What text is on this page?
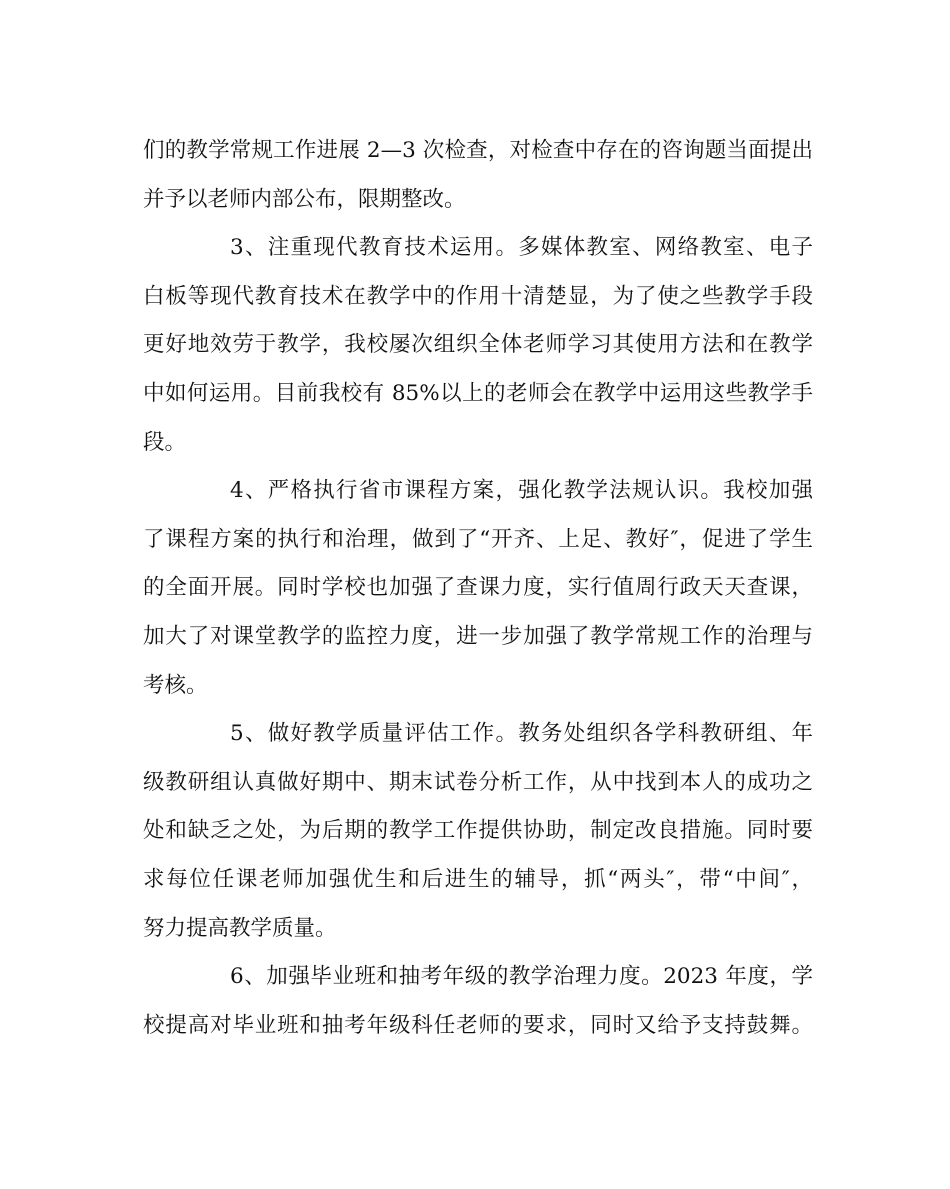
们的教学常规工作进展 2—3 次检查，对检查中存在的咨询题当面提出
并予以老师内部公布，限期整改。
3、注重现代教育技术运用。多媒体教室、网络教室、电子
白板等现代教育技术在教学中的作用十清楚显，为了使之些教学手段
更好地效劳于教学，我校屡次组织全体老师学习其使用方法和在教学
中如何运用。目前我校有 85%以上的老师会在教学中运用这些教学手
段。
4、严格执行省市课程方案，强化教学法规认识。我校加强
了课程方案的执行和治理，做到了“开齐、上足、教好″，促进了学生
的全面开展。同时学校也加强了查课力度，实行值周行政天天查课，
加大了对课堂教学的监控力度，进一步加强了教学常规工作的治理与
考核。
5、做好教学质量评估工作。教务处组织各学科教研组、年
级教研组认真做好期中、期末试卷分析工作，从中找到本人的成功之
处和缺乏之处，为后期的教学工作提供协助，制定改良措施。同时要
求每位任课老师加强优生和后进生的辅导，抓“两头″，带“中间″，
努力提高教学质量。
6、加强毕业班和抽考年级的教学治理力度。2023 年度，学
校提高对毕业班和抽考年级科任老师的要求，同时又给予支持鼓舞。
